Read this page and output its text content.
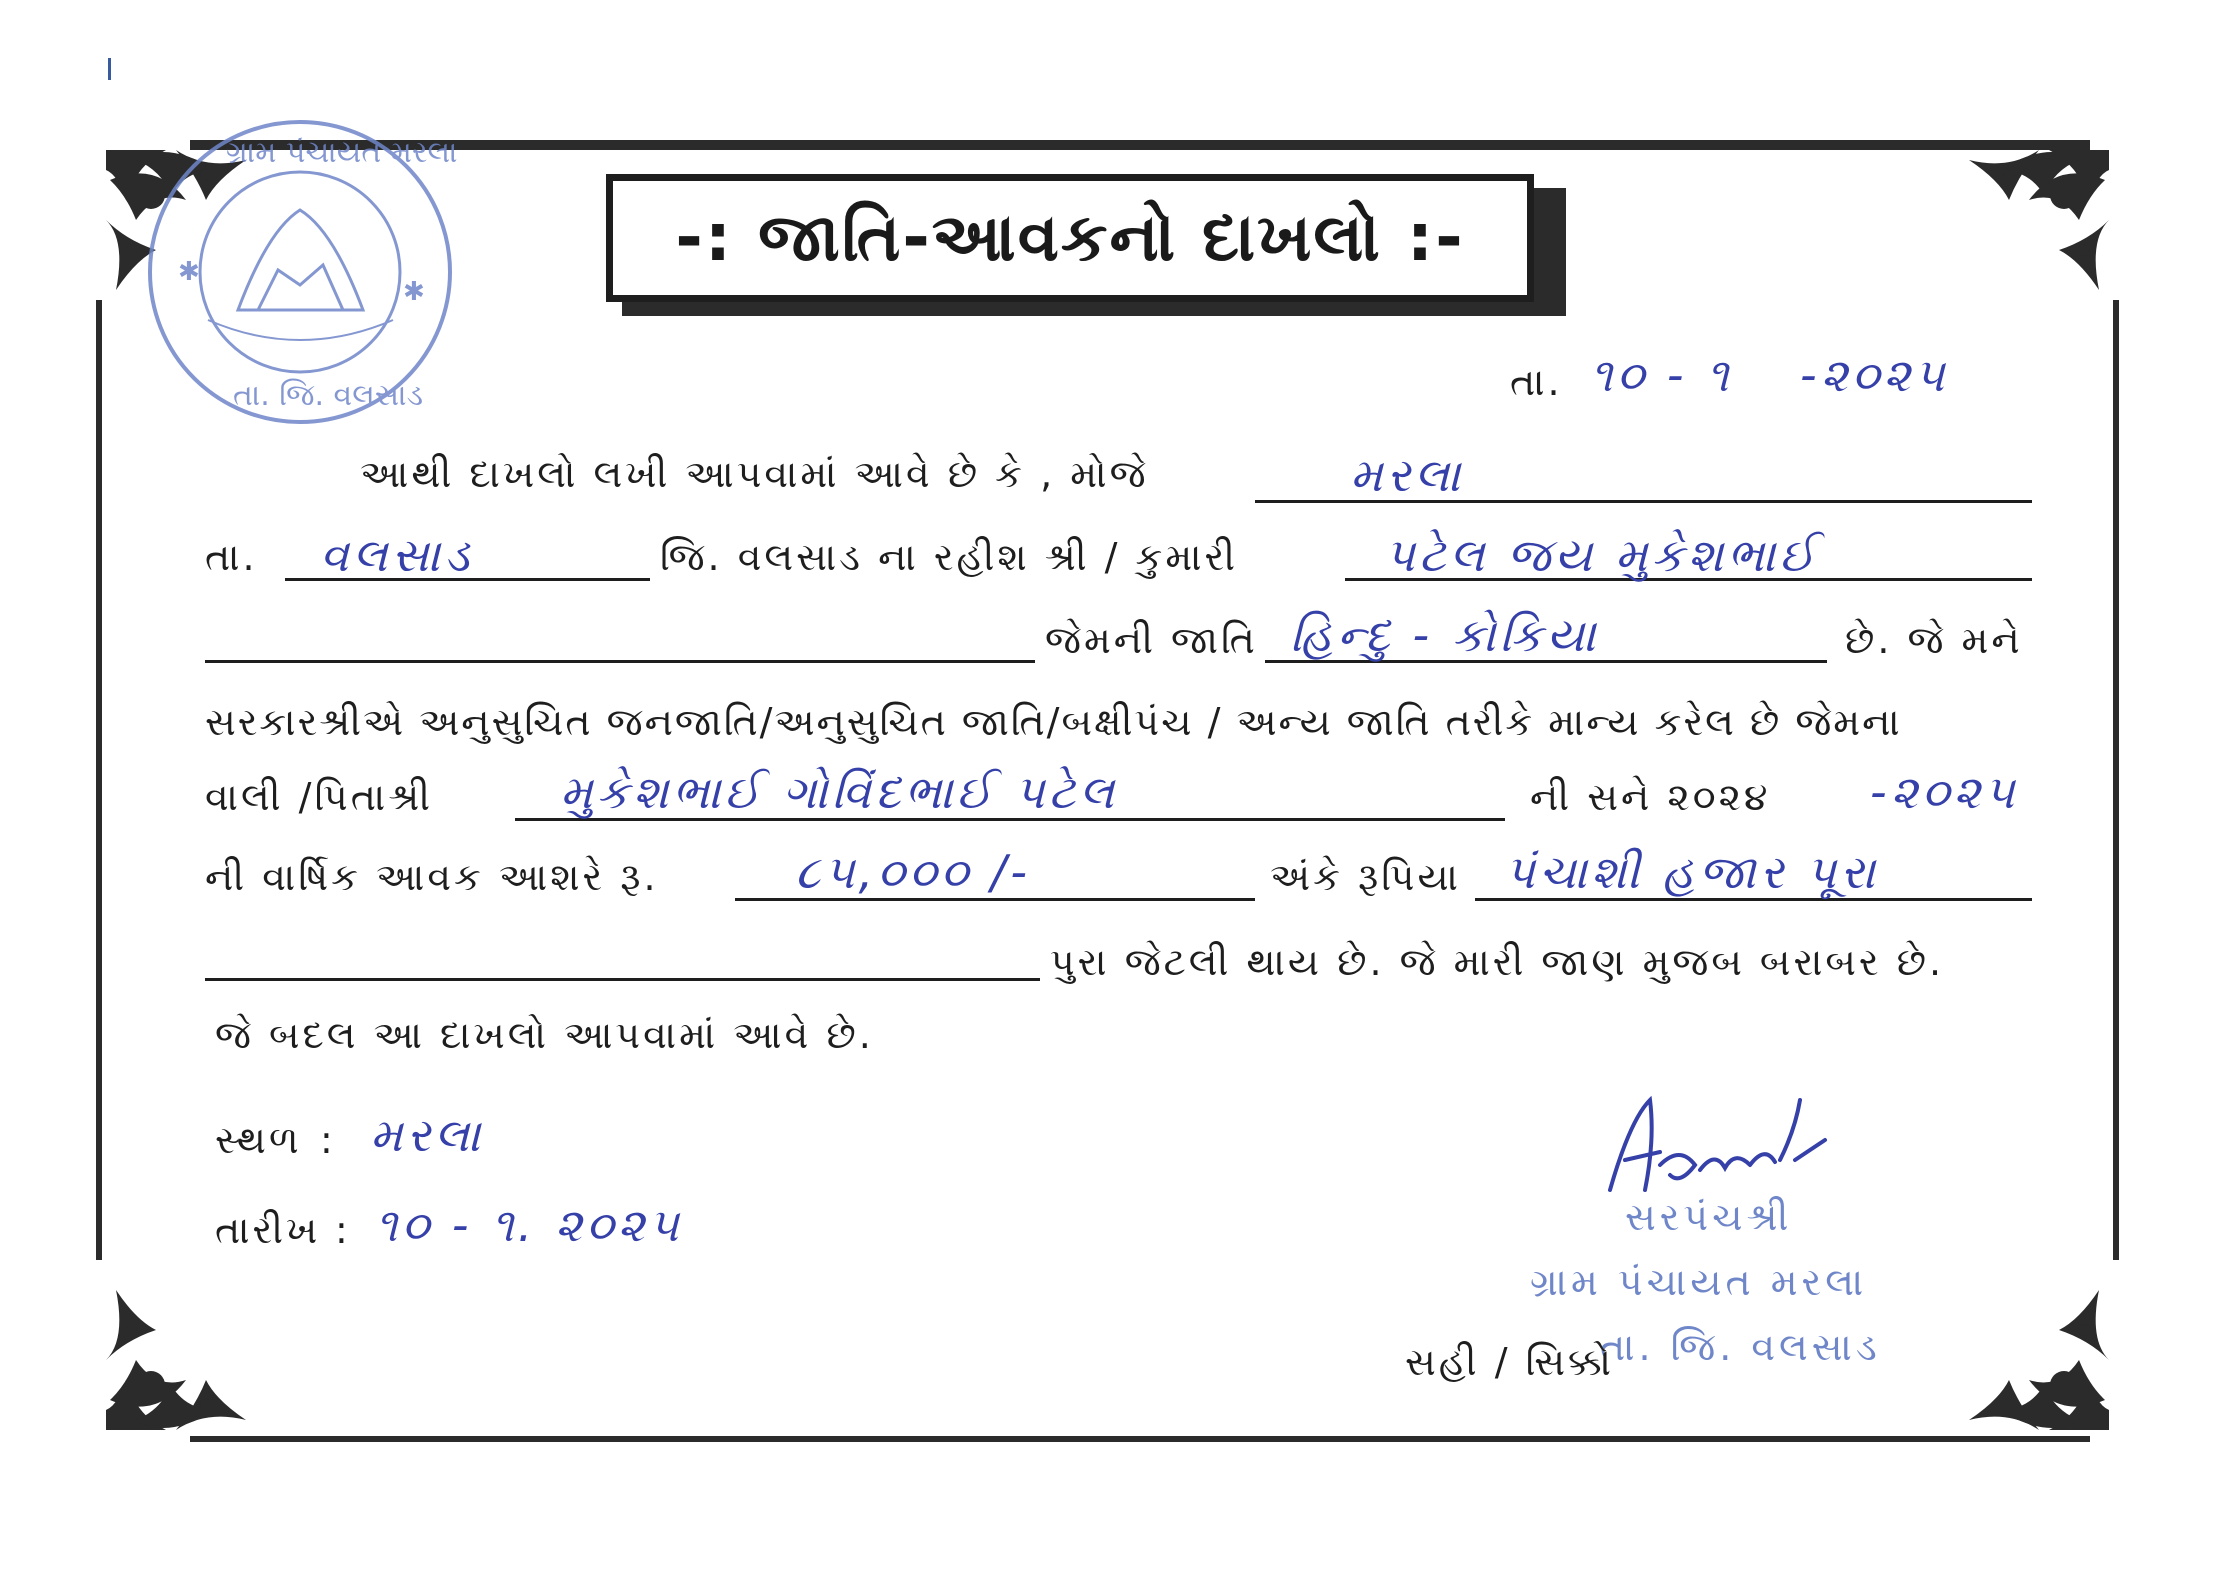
✱
✱
ગ્રામ પંચાયત મરલા
તા. જિ. વલસાડ
-: જાતિ-આવકનો દાખલો :-
તા. ૧૦ - ૧ -૨૦૨૫
આથી દાખલો લખી આપવામાં આવે છે કે , મોજે	મરલા
તા. વલસાડ	જિ. વલસાડ ના રહીશ શ્રી / કુમારી	પટેલ જય મુકેશભાઈ
જેમની જાતિ હિન્દુ - કોકિયા	છે. જે મને
સરકારશ્રીએ અનુસુચિત જનજાતિ/અનુસુચિત જાતિ/બક્ષીપંચ / અન્ય જાતિ તરીકે માન્ય કરેલ છે જેમના
વાલી /પિતાશ્રી	મુકેશભાઈ ગોવિંદભાઈ પટેલ	ની સને ૨૦૨૪ -૨૦૨૫
ની વાર્ષિક આવક આશરે રૂ.	૮૫,૦૦૦ /-	અંકે રૂપિયા પંચાશી હજાર પૂરા
પુરા જેટલી થાય છે. જે મારી જાણ મુજબ બરાબર છે.
જે બદલ આ દાખલો આપવામાં આવે છે.
સ્થળ : મરલા
તારીખ : ૧૦ - ૧. ૨૦૨૫	સરપંચશ્રી
ગ્રામ પંચાયત મરલા
તા. જિ. વલસાડ
સહી / સિક્કો
